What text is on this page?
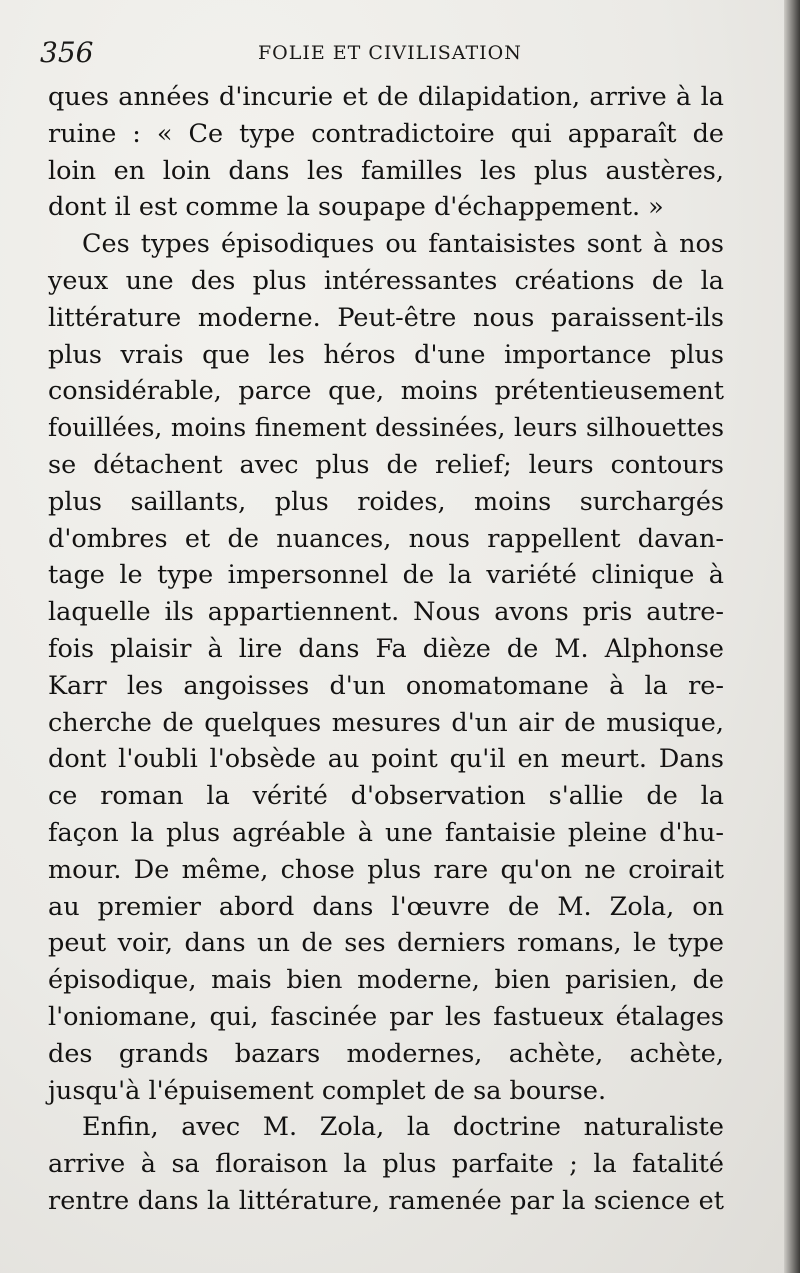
356	FOLIE ET CIVILISATION
ques années d'incurie et de dilapidation, arrive à la
ruine : « Ce type contradictoire qui apparaît de
loin en loin dans les familles les plus austères,
dont il est comme la soupape d'échappement. »
Ces types épisodiques ou fantaisistes sont à nos
yeux une des plus intéressantes créations de la
littérature moderne. Peut-être nous paraissent-ils
plus vrais que les héros d'une importance plus
considérable, parce que, moins prétentieusement
fouillées, moins finement dessinées, leurs silhouettes
se détachent avec plus de relief; leurs contours
plus saillants, plus roides, moins surchargés
d'ombres et de nuances, nous rappellent davan-
tage le type impersonnel de la variété clinique à
laquelle ils appartiennent. Nous avons pris autre-
fois plaisir à lire dans Fa dièze de M. Alphonse
Karr les angoisses d'un onomatomane à la re-
cherche de quelques mesures d'un air de musique,
dont l'oubli l'obsède au point qu'il en meurt. Dans
ce roman la vérité d'observation s'allie de la
façon la plus agréable à une fantaisie pleine d'hu-
mour. De même, chose plus rare qu'on ne croirait
au premier abord dans l'œuvre de M. Zola, on
peut voir, dans un de ses derniers romans, le type
épisodique, mais bien moderne, bien parisien, de
l'oniomane, qui, fascinée par les fastueux étalages
des grands bazars modernes, achète, achète,
jusqu'à l'épuisement complet de sa bourse.
Enfin, avec M. Zola, la doctrine naturaliste
arrive à sa floraison la plus parfaite ; la fatalité
rentre dans la littérature, ramenée par la science et
